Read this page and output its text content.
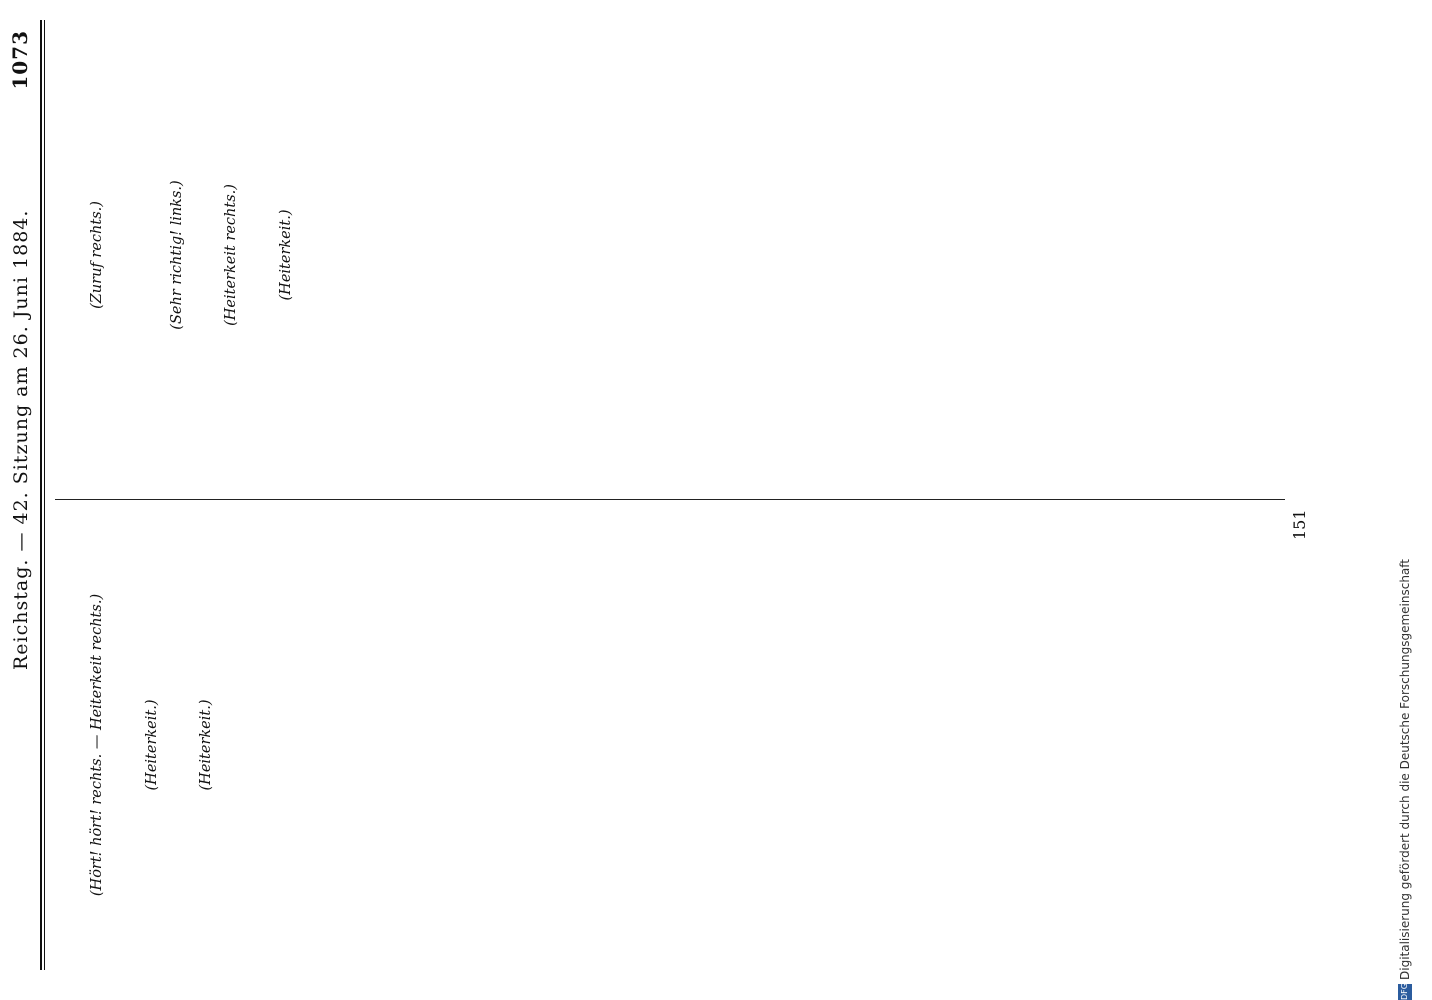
Reichstag. — 42. Sitzung am 26. Juni 1884.
1073

(Hört! hört! rechts. — Heiterkeit rechts.)	(Heiterkeit.)	(Heiterkeit.)

(Zuruf rechts.)	(Sehr richtig! links.)	(Heiterkeit rechts.)	(Heiterkeit.)

151
DFG
Digitalisierung gefördert durch die Deutsche Forschungsgemeinschaft
